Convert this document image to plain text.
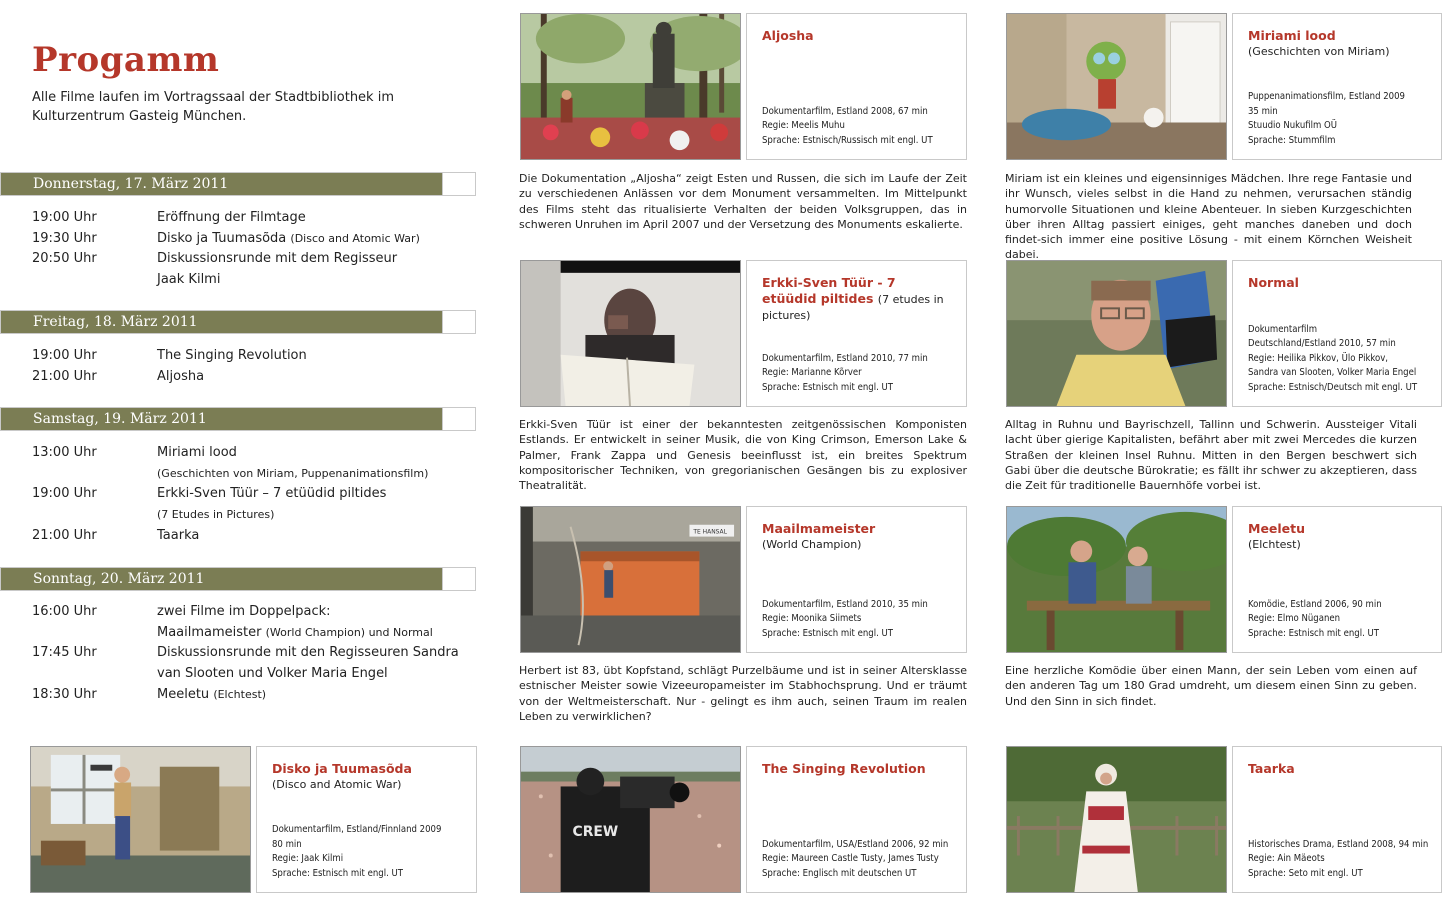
Progamm

Alle Filme laufen im Vortragssaal der Stadtbibliothek im Kulturzentrum Gasteig München.

Donnerstag, 17. März 2011
19:00 Uhr	Eröffnung der Filmtage
19:30 Uhr	Disko ja Tuumasõda (Disco and Atomic War)
20:50 Uhr	Diskussionsrunde mit dem Regisseur
Jaak Kilmi
Freitag, 18. März 2011
19:00 Uhr	The Singing Revolution
21:00 Uhr	Aljosha
Samstag, 19. März 2011
13:00 Uhr	Miriami lood
(Geschichten von Miriam, Puppenanimationsfilm)
19:00 Uhr	Erkki-Sven Tüür – 7 etüüdid piltides
(7 Etudes in Pictures)
21:00 Uhr	Taarka
Sonntag, 20. März 2011
16:00 Uhr	zwei Filme im Doppelpack:
Maailmameister (World Champion) und Normal
17:45 Uhr	Diskussionsrunde mit den Regisseuren Sandra
van Slooten und Volker Maria Engel
18:30 Uhr	Meeletu (Elchtest)
Disko ja Tuumasõda
(Disco and Atomic War)
Dokumentarfilm, Estland/Finnland 2009
80 min
Regie: Jaak Kilmi
Sprache: Estnisch mit engl. UT
Aljosha
Dokumentarfilm, Estland 2008, 67 min
Regie: Meelis Muhu
Sprache: Estnisch/Russisch mit engl. UT
Die Dokumentation „Aljosha“ zeigt Esten und Russen, die sich im Laufe der Zeit zu verschiedenen Anlässen vor dem Monument versammelten. Im Mittelpunkt des Films steht das ritualisierte Verhalten der beiden Volksgruppen, das in schweren Unruhen im April 2007 und der Versetzung des Monuments eskalierte.
Erkki-Sven Tüür - 7 etüüdid piltides (7 etudes in pictures)
Dokumentarfilm, Estland 2010, 77 min
Regie: Marianne Kõrver
Sprache: Estnisch mit engl. UT
Erkki-Sven Tüür ist einer der bekanntesten zeitgenössischen Komponisten Estlands. Er entwickelt in seiner Musik, die von King Crimson, Emerson Lake & Palmer, Frank Zappa und Genesis beeinflusst ist, ein breites Spektrum kompositorischer Techniken, von gregorianischen Gesängen bis zu explosiver Theatralität.
TE HANSAL	Maailmameister
(World Champion)
Dokumentarfilm, Estland 2010, 35 min
Regie: Moonika Siimets
Sprache: Estnisch mit engl. UT
Herbert ist 83, übt Kopfstand, schlägt Purzelbäume und ist in seiner Altersklasse estnischer Meister sowie Vizeeuropameister im Stabhochsprung. Und er träumt von der Weltmeisterschaft. Nur - gelingt es ihm auch, seinen Traum im realen Leben zu verwirklichen?
CREW
The Singing Revolution
Dokumentarfilm, USA/Estland 2006, 92 min
Regie: Maureen Castle Tusty, James Tusty
Sprache: Englisch mit deutschen UT
Miriami lood
(Geschichten von Miriam)
Puppenanimationsfilm, Estland 2009
35 min
Stuudio Nukufilm OÜ
Sprache: Stummfilm
Miriam ist ein kleines und eigensinniges Mädchen. Ihre rege Fantasie und ihr Wunsch, vieles selbst in die Hand zu nehmen, verursachen ständig humorvolle Situationen und kleine Abenteuer. In sieben Kurzgeschichten über ihren Alltag passiert einiges, geht manches daneben und doch findet-sich immer eine positive Lösung - mit einem Körnchen Weisheit dabei.
Normal
Dokumentarfilm
Deutschland/Estland 2010, 57 min
Regie: Heilika Pikkov, Ülo Pikkov,
Sandra van Slooten, Volker Maria Engel
Sprache: Estnisch/Deutsch mit engl. UT
Alltag in Ruhnu und Bayrischzell, Tallinn und Schwerin. Aussteiger Vitali lacht über gierige Kapitalisten, befährt aber mit zwei Mercedes die kurzen Straßen der kleinen Insel Ruhnu. Mitten in den Bergen beschwert sich Gabi über die deutsche Bürokratie; es fällt ihr schwer zu akzeptieren, dass die Zeit für traditionelle Bauernhöfe vorbei ist.
Meeletu
(Elchtest)
Komödie, Estland 2006, 90 min
Regie: Elmo Nüganen
Sprache: Estnisch mit engl. UT
Eine herzliche Komödie über einen Mann, der sein Leben vom einen auf den anderen Tag um 180 Grad umdreht, um diesem einen Sinn zu geben. Und den Sinn in sich findet.
Taarka
Historisches Drama, Estland 2008, 94 min
Regie: Ain Mäeots
Sprache: Seto mit engl. UT
